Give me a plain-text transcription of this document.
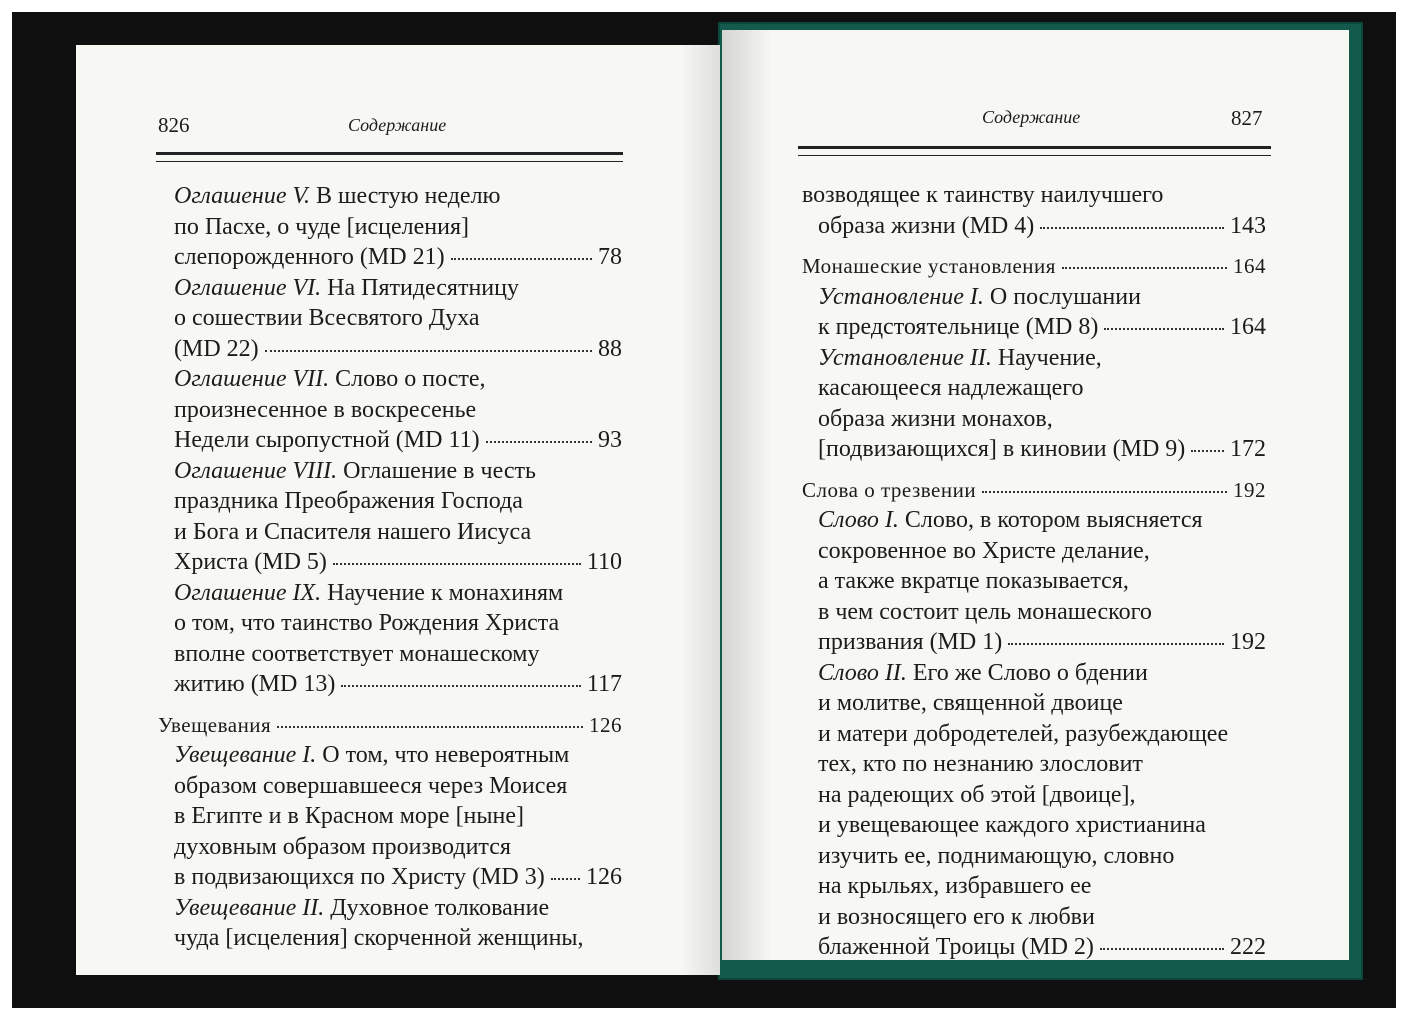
826	Содержание
Оглашение V. В шестую неделю
по Пасхе, о чуде [исцеления]
слепорожденного (MD 21)	78
Оглашение VI. На Пятидесятницу
о сошествии Всесвятого Духа
(MD 22)	88
Оглашение VII. Слово о посте,
произнесенное в воскресенье
Недели сыропустной (MD 11)	93
Оглашение VIII. Оглашение в честь
праздника Преображения Господа
и Бога и Спасителя нашего Иисуса
Христа (MD 5)	110
Оглашение IX. Научение к монахиням
о том, что таинство Рождения Христа
вполне соответствует монашескому
житию (MD 13)	117
Увещевания	126
Увещевание I. О том, что невероятным
образом совершавшееся через Моисея
в Египте и в Красном море [ныне]
духовным образом производится
в подвизающихся по Христу (MD 3) 126
Увещевание II. Духовное толкование
чуда [исцеления] скорченной женщины,
Содержание	827
возводящее к таинству наилучшего
образа жизни (MD 4)	143
Монашеские установления	164
Установление I. О послушании
к предстоятельнице (MD 8)	164
Установление II. Научение,
касающееся надлежащего
образа жизни монахов,
[подвизающихся] в киновии (MD 9) 172
Слова о трезвении	192
Слово I. Слово, в котором выясняется
сокровенное во Христе делание,
а также вкратце показывается,
в чем состоит цель монашеского
призвания (MD 1)	192
Слово II. Его же Слово о бдении
и молитве, священной двоице
и матери добродетелей, разубеждающее
тех, кто по незнанию злословит
на радеющих об этой [двоице],
и увещевающее каждого христианина
изучить ее, поднимающую, словно
на крыльях, избравшего ее
и возносящего его к любви
блаженной Троицы (MD 2)	222
